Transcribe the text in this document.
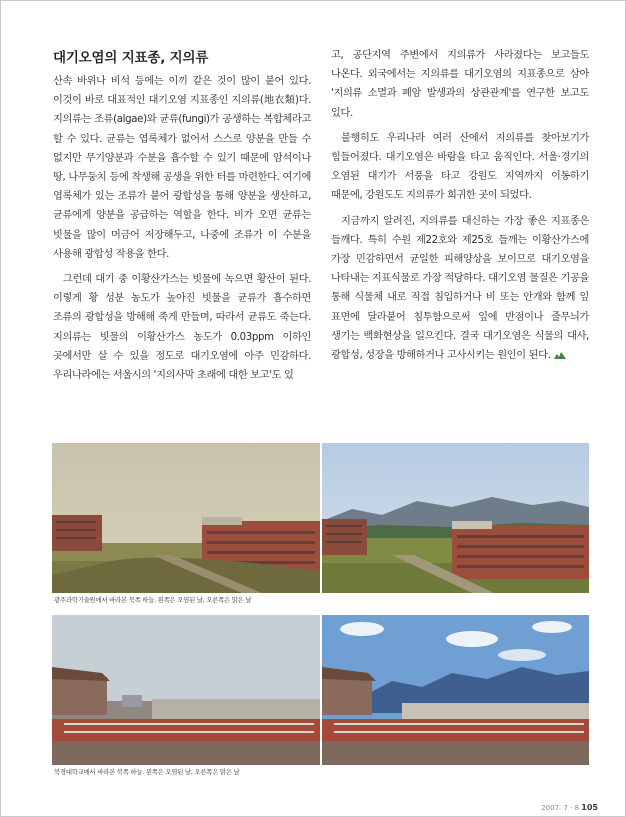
대기오염의 지표종, 지의류

산속 바위나 비석 등에는 이끼 같은 것이 많이 붙어 있다. 이것이 바로 대표적인 대기오염 지표종인 지의류(地衣類)다. 지의류는 조류(algae)와 균류(fungi)가 공생하는 복합체라고 할 수 있다. 균류는 엽록체가 없어서 스스로 양분을 만들 수 없지만 무기양분과 수분을 흡수할 수 있기 때문에 암석이나 땅, 나무둥치 등에 착생해 공생을 위한 터를 마련한다. 여기에 엽록체가 있는 조류가 붙어 광합성을 통해 양분을 생산하고, 균류에게 양분을 공급하는 역할을 한다. 비가 오면 균류는 빗물을 많이 머금어 저장해두고, 나중에 조류가 이 수분을 사용해 광합성 작용을 한다.

그런데 대기 중 이황산가스는 빗물에 녹으면 황산이 된다. 이렇게 황 성분 농도가 높아진 빗물을 균류가 흡수하면 조류의 광합성을 방해해 죽게 만들며, 따라서 균류도 죽는다. 지의류는 빗물의 이황산가스 농도가 0.03ppm 이하인 곳에서만 살 수 있을 정도로 대기오염에 아주 민감하다. 우리나라에는 서울시의 '지의사막 초래에 대한 보고'도 있

고, 공단지역 주변에서 지의류가 사라졌다는 보고들도 나온다. 외국에서는 지의류를 대기오염의 지표종으로 삼아 '지의류 소멸과 폐암 발생과의 상관관계'를 연구한 보고도 있다.

불행히도 우리나라 여러 산에서 지의류를 찾아보기가 힘들어졌다. 대기오염은 바람을 타고 움직인다. 서울·경기의 오염된 대기가 서풍을 타고 강원도 지역까지 이동하기 때문에, 강원도도 지의류가 희귀한 곳이 되었다.

지금까지 알려진, 지의류를 대신하는 가장 좋은 지표종은 들깨다. 특히 수원 제22호와 제25호 들깨는 이황산가스에 가장 민감하면서 균일한 피해양상을 보이므로 대기오염을 나타내는 지표식물로 가장 적당하다. 대기오염 물질은 기공을 통해 식물체 내로 직접 침입하거나 비 또는 안개와 함께 잎 표면에 달라붙어 침투함으로써 잎에 반점이나 줄무늬가 생기는 백화현상을 일으킨다. 결국 대기오염은 식물의 대사, 광합성, 성장을 방해하거나 고사시키는 원인이 된다.

광주과학기술원에서 바라본 북쪽 하늘. 왼쪽은 오염된 날, 오른쪽은 맑은 날
북경대학교에서 바라본 북쪽 하늘. 왼쪽은 오염된 날, 오른쪽은 맑은 날
2007. 7 · 8 105
